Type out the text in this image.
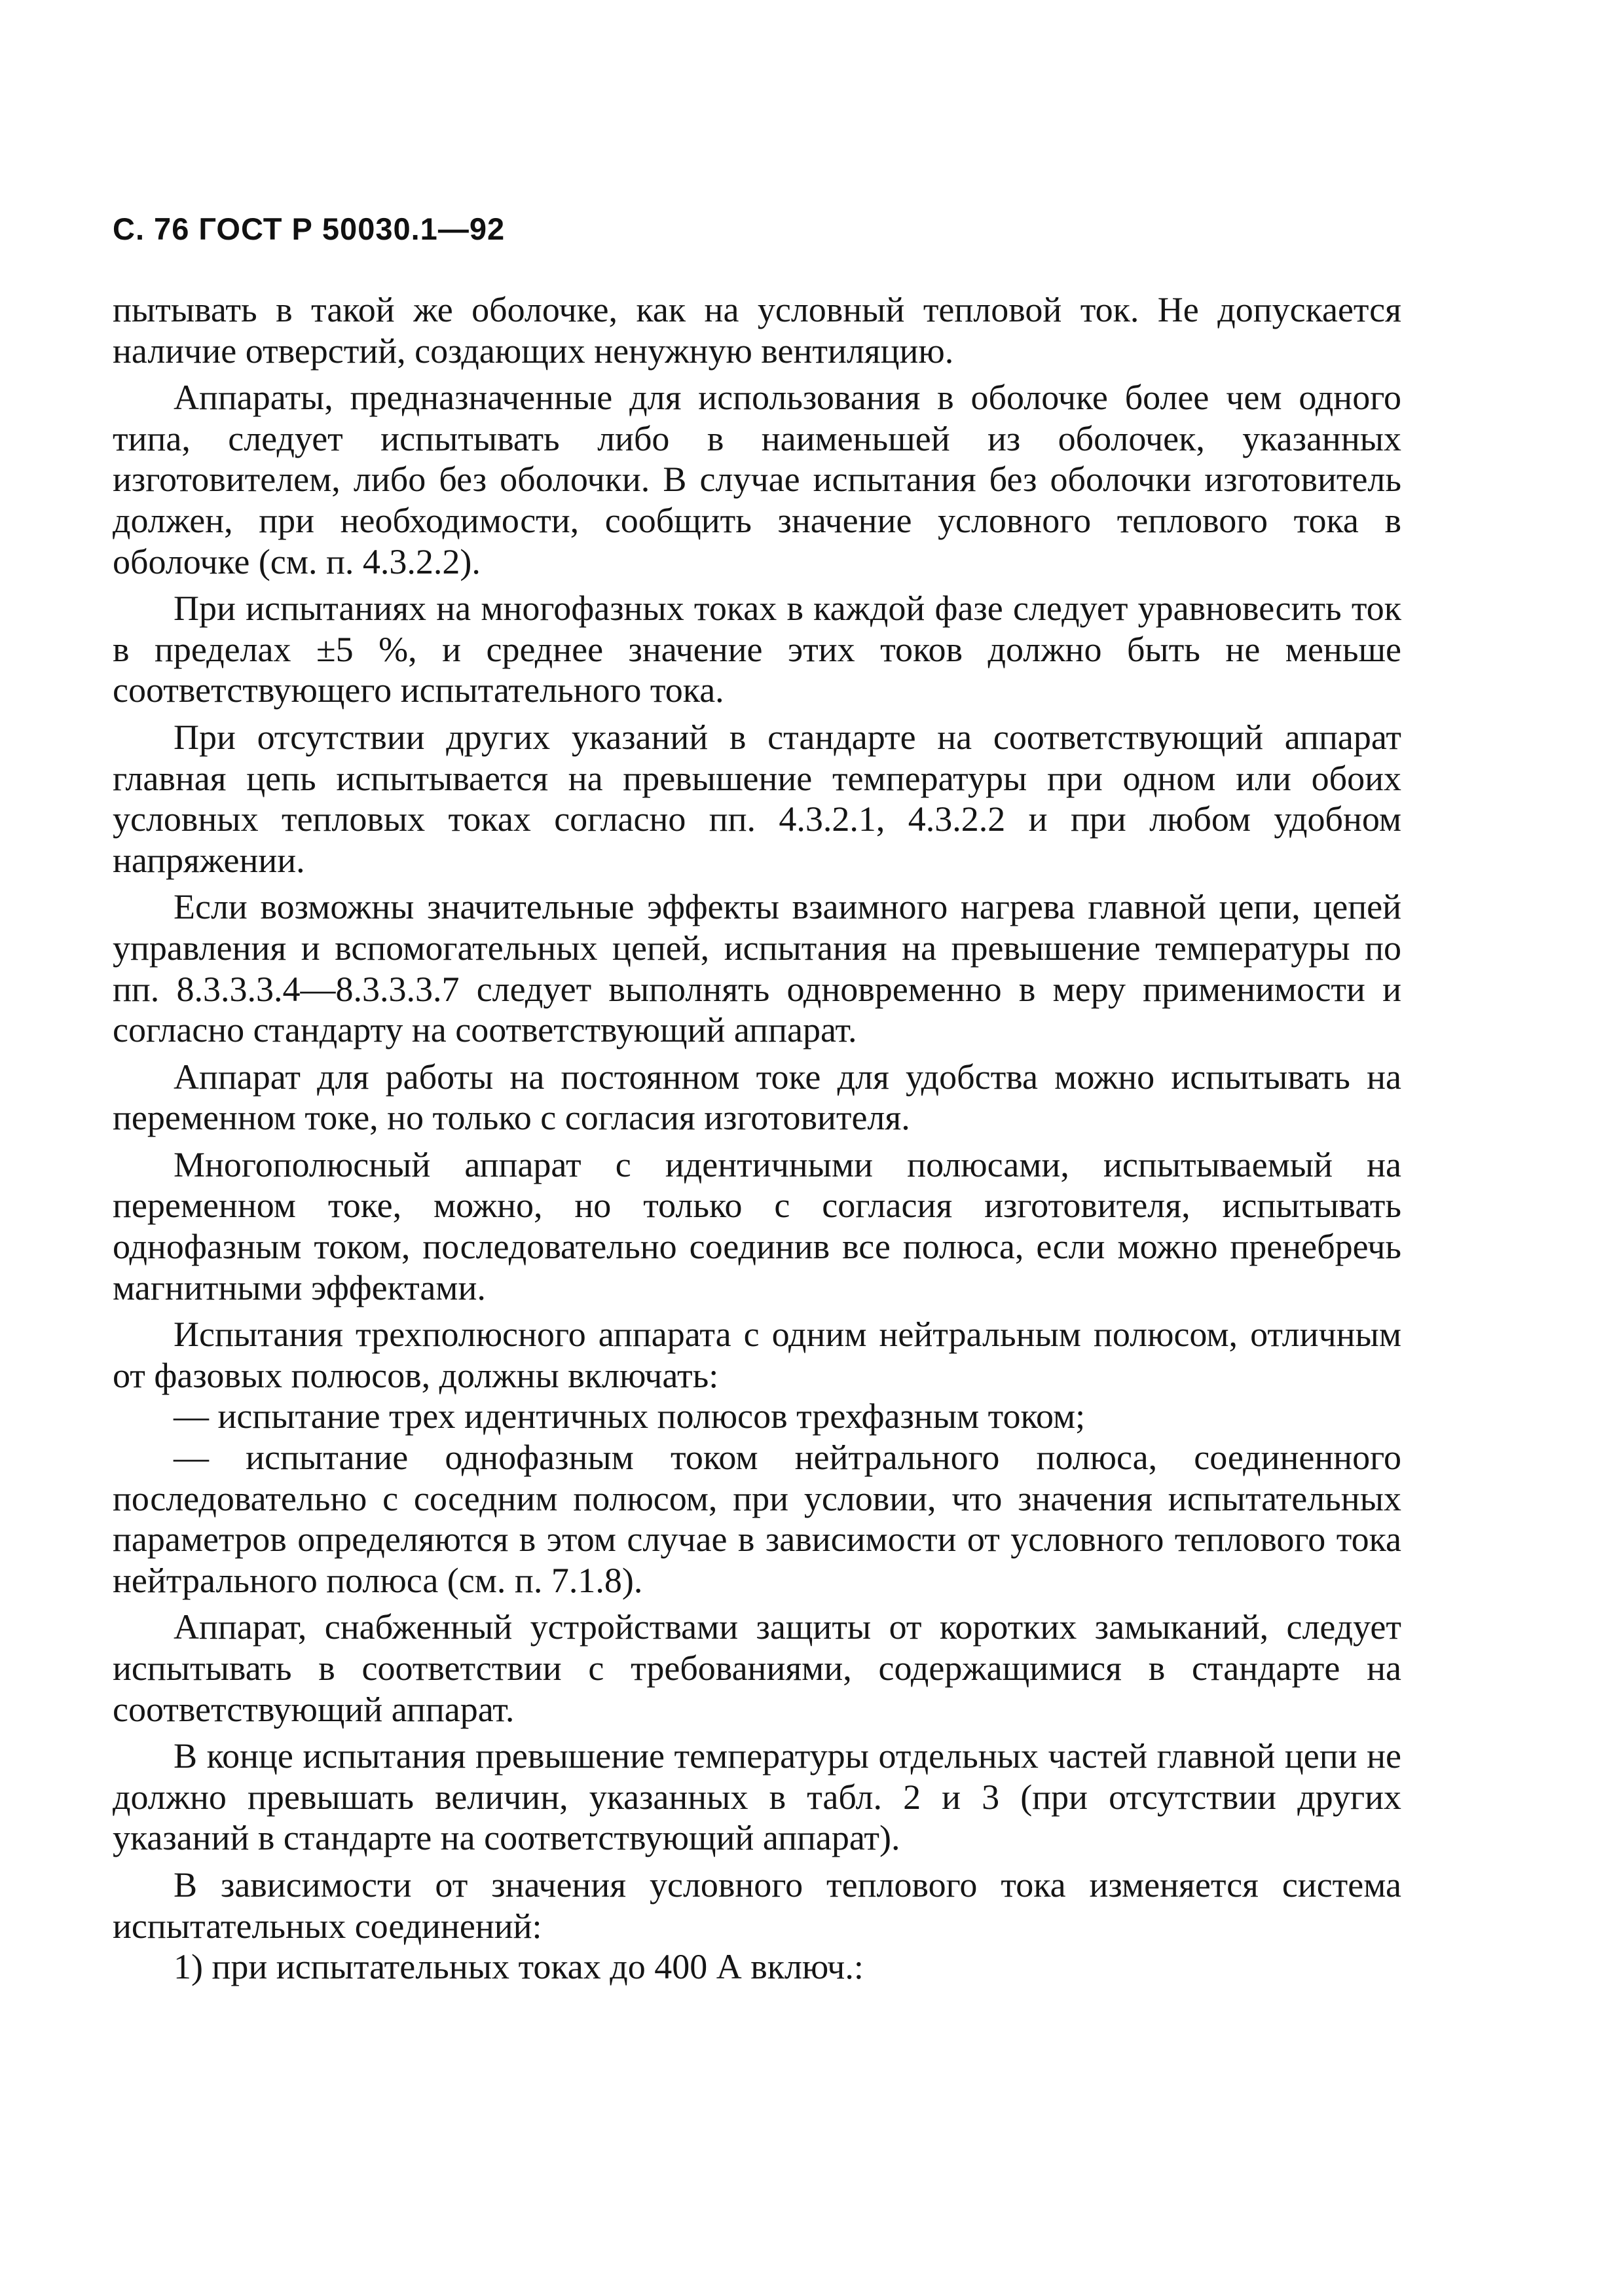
С. 76 ГОСТ Р 50030.1—92

пытывать в такой же оболочке, как на условный тепловой ток. Не допускается наличие отверстий, создающих ненужную вентиляцию.

Аппараты, предназначенные для использования в оболочке более чем одного типа, следует испытывать либо в наименьшей из оболочек, указанных изготовителем, либо без оболочки. В случае испытания без оболочки изготовитель должен, при необходимости, сообщить значение условного теплового тока в оболочке (см. п. 4.3.2.2).

При испытаниях на многофазных токах в каждой фазе следует уравновесить ток в пределах ±5 %, и среднее значение этих токов должно быть не меньше соответствующего испытательного тока.

При отсутствии других указаний в стандарте на соответствующий аппарат главная цепь испытывается на превышение температуры при одном или обоих условных тепловых токах согласно пп. 4.3.2.1, 4.3.2.2 и при любом удобном напряжении.

Если возможны значительные эффекты взаимного нагрева главной цепи, цепей управления и вспомогательных цепей, испытания на превышение температуры по пп. 8.3.3.3.4—8.3.3.3.7 следует выполнять одновременно в меру применимости и согласно стандарту на соответствующий аппарат.

Аппарат для работы на постоянном токе для удобства можно испытывать на переменном токе, но только с согласия изготовителя.

Многополюсный аппарат с идентичными полюсами, испытываемый на переменном токе, можно, но только с согласия изготовителя, испытывать однофазным током, последовательно соединив все полюса, если можно пренебречь магнитными эффектами.

Испытания трехполюсного аппарата с одним нейтральным полюсом, отличным от фазовых полюсов, должны включать:

— испытание трех идентичных полюсов трехфазным током;

— испытание однофазным током нейтрального полюса, соединенного последовательно с соседним полюсом, при условии, что значения испытательных параметров определяются в этом случае в зависимости от условного теплового тока нейтрального полюса (см. п. 7.1.8).

Аппарат, снабженный устройствами защиты от коротких замыканий, следует испытывать в соответствии с требованиями, содержащимися в стандарте на соответствующий аппарат.

В конце испытания превышение температуры отдельных частей главной цепи не должно превышать величин, указанных в табл. 2 и 3 (при отсутствии других указаний в стандарте на соответствующий аппарат).

В зависимости от значения условного теплового тока изменяется система испытательных соединений:

1) при испытательных токах до 400 А включ.:
